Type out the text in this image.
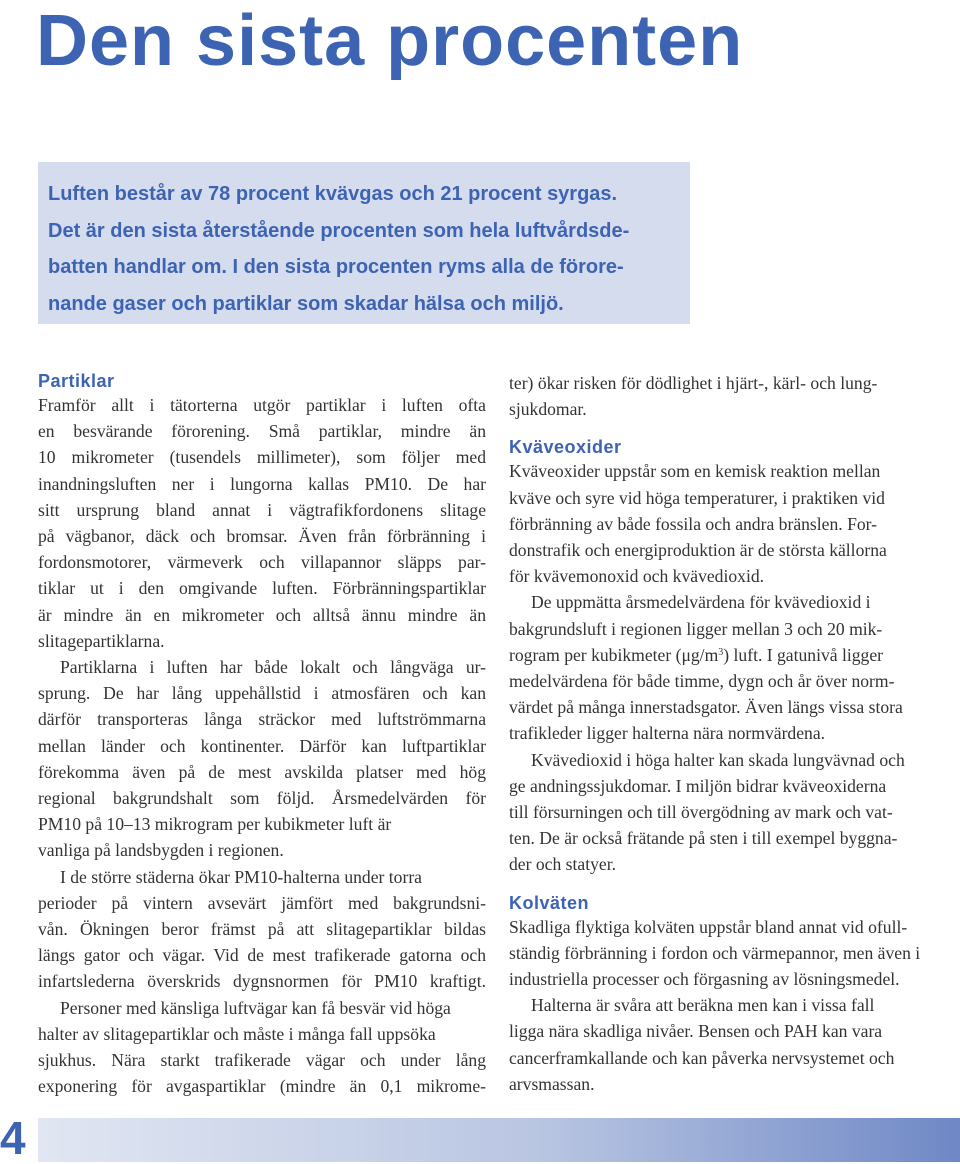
Den sista procenten

Luften består av 78 procent kvävgas och 21 procent syrgas.
Det är den sista återstående procenten som hela luftvårdsde-
batten handlar om. I den sista procenten ryms alla de förore-
nande gaser och partiklar som skadar hälsa och miljö.

Partiklar

Framför allt i tätorterna utgör partiklar i luften ofta
en besvärande förorening. Små partiklar, mindre än
10 mikrometer (tusendels millimeter), som följer med
inandningsluften ner i lungorna kallas PM10. De har
sitt ursprung bland annat i vägtrafikfordonens slitage
på vägbanor, däck och bromsar. Även från förbränning i
fordonsmotorer, värmeverk och villapannor släpps par-
tiklar ut i den omgivande luften. Förbränningspartiklar
är mindre än en mikrometer och alltså ännu mindre än
slitagepartiklarna.

Partiklarna i luften har både lokalt och långväga ur-
sprung. De har lång uppehållstid i atmosfären och kan
därför transporteras långa sträckor med luftströmmarna
mellan länder och kontinenter. Därför kan luftpartiklar
förekomma även på de mest avskilda platser med hög
regional bakgrundshalt som följd. Årsmedelvärden för
PM10 på 10–13 mikrogram per kubikmeter luft är
vanliga på landsbygden i regionen.

I de större städerna ökar PM10-halterna under torra
perioder på vintern avsevärt jämfört med bakgrundsni-
vån. Ökningen beror främst på att slitagepartiklar bildas
längs gator och vägar. Vid de mest trafikerade gatorna och
infartslederna överskrids dygnsnormen för PM10 kraftigt.

Personer med känsliga luftvägar kan få besvär vid höga
halter av slitagepartiklar och måste i många fall uppsöka
sjukhus. Nära starkt trafikerade vägar och under lång
exponering för avgaspartiklar (mindre än 0,1 mikrome-

ter) ökar risken för dödlighet i hjärt-, kärl- och lung-
sjukdomar.

Kväveoxider

Kväveoxider uppstår som en kemisk reaktion mellan
kväve och syre vid höga temperaturer, i praktiken vid
förbränning av både fossila och andra bränslen. For-
donstrafik och energiproduktion är de största källorna
för kvävemonoxid och kvävedioxid.

De uppmätta årsmedelvärdena för kvävedioxid i
bakgrundsluft i regionen ligger mellan 3 och 20 mik-
rogram per kubikmeter $(\mu g/m^3)$ luft. I gatunivå ligger
medelvärdena för både timme, dygn och år över norm-
värdet på många innerstadsgator. Även längs vissa stora
trafikleder ligger halterna nära normvärdena.

Kvävedioxid i höga halter kan skada lungvävnad och
ge andningssjukdomar. I miljön bidrar kväveoxiderna
till försurningen och till övergödning av mark och vat-
ten. De är också frätande på sten i till exempel byggna-
der och statyer.

Kolväten

Skadliga flyktiga kolväten uppstår bland annat vid ofull-
ständig förbränning i fordon och värmepannor, men även i
industriella processer och förgasning av lösningsmedel.

Halterna är svåra att beräkna men kan i vissa fall
ligga nära skadliga nivåer. Bensen och PAH kan vara
cancerframkallande och kan påverka nervsystemet och
arvsmassan.

4
